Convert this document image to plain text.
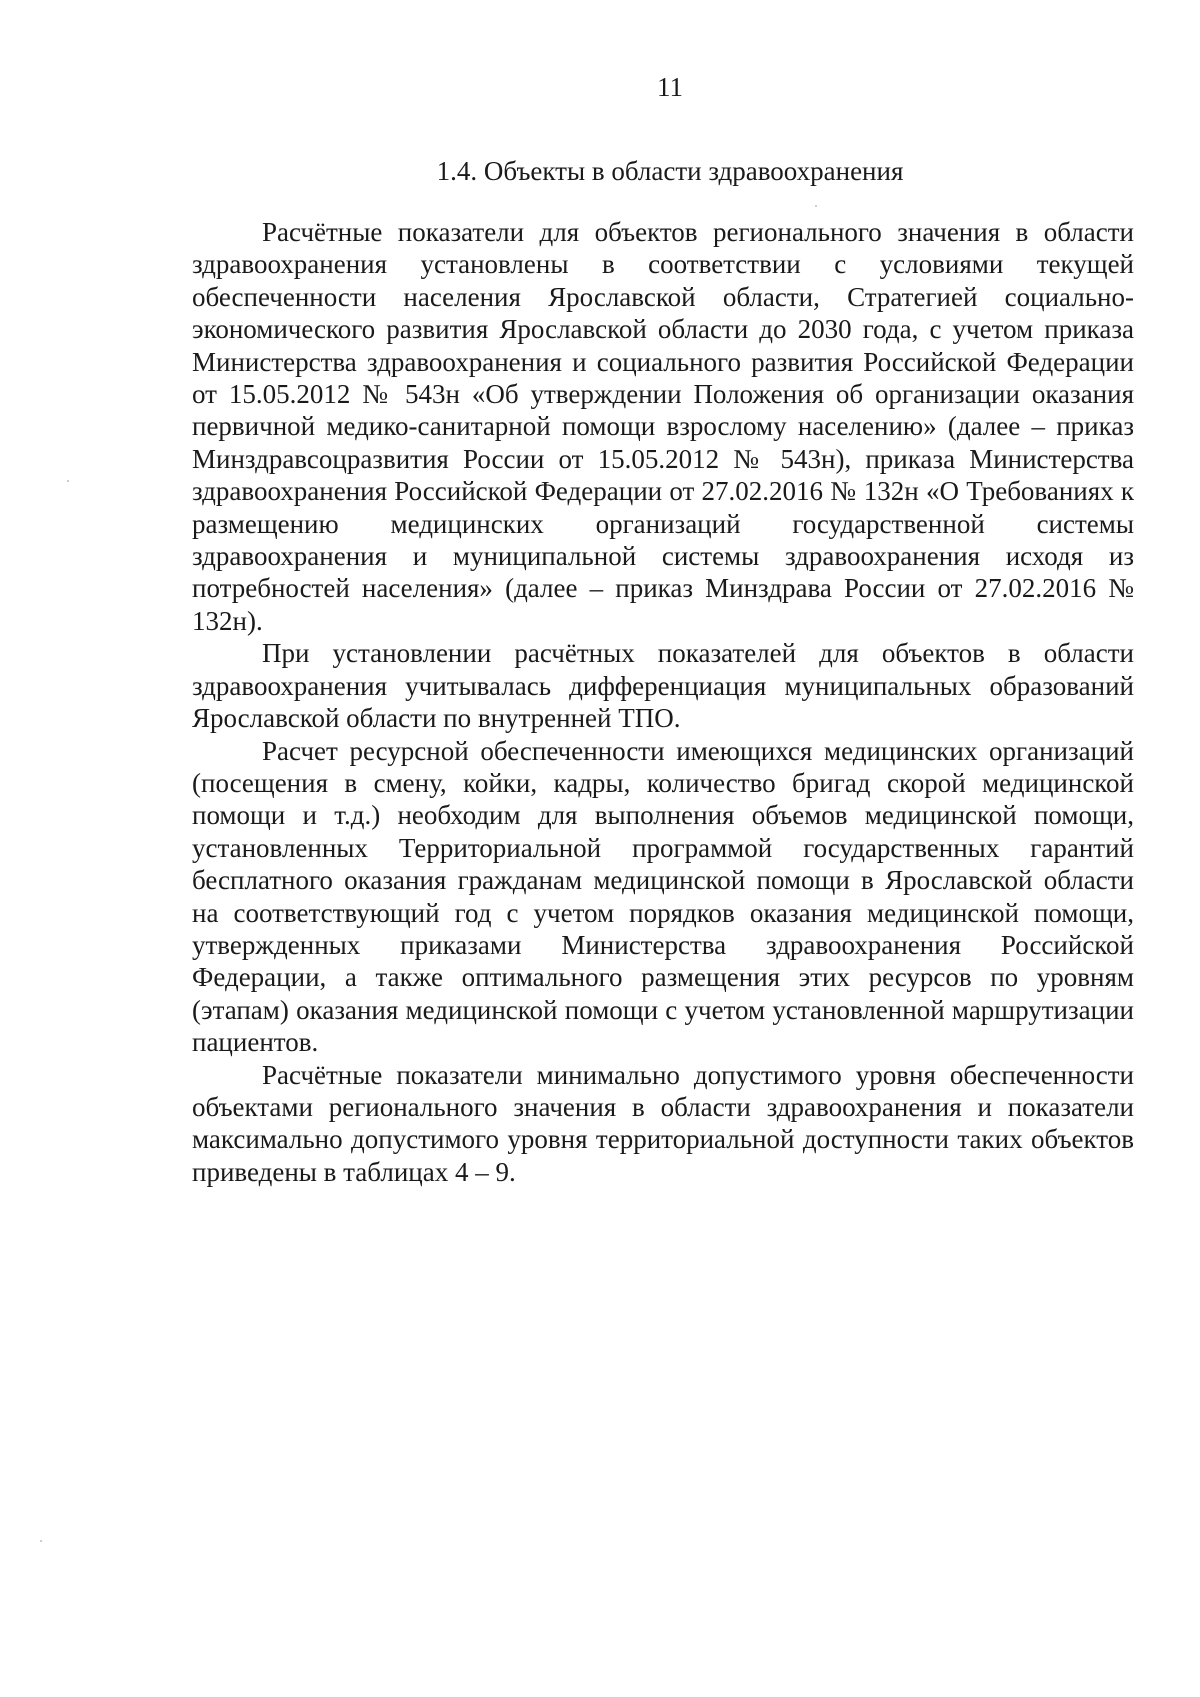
11
1.4. Объекты в области здравоохранения

Расчётные показатели для объектов регионального значения в области здравоохранения установлены в соответствии с условиями текущей обеспеченности населения Ярославской области, Стратегией социально-экономического развития Ярославской области до 2030 года, с учетом приказа Министерства здравоохранения и социального развития Российской Федерации от 15.05.2012 № 543н «Об утверждении Положения об организации оказания первичной медико-санитарной помощи взрослому населению» (далее – приказ Минздравсоцразвития России от 15.05.2012 № 543н), приказа Министерства здравоохранения Российской Федерации от 27.02.2016 № 132н «О Требованиях к размещению медицинских организаций государственной системы здравоохранения и муниципальной системы здравоохранения исходя из потребностей населения» (далее – приказ Минздрава России от 27.02.2016 № 132н).

При установлении расчётных показателей для объектов в области здравоохранения учитывалась дифференциация муниципальных образований Ярославской области по внутренней ТПО.

Расчет ресурсной обеспеченности имеющихся медицинских организаций (посещения в смену, койки, кадры, количество бригад скорой медицинской помощи и т.д.) необходим для выполнения объемов медицинской помощи, установленных Территориальной программой государственных гарантий бесплатного оказания гражданам медицинской помощи в Ярославской области на соответствующий год с учетом порядков оказания медицинской помощи, утвержденных приказами Министерства здравоохранения Российской Федерации, а также оптимального размещения этих ресурсов по уровням (этапам) оказания медицинской помощи с учетом установленной маршрутизации пациентов.

Расчётные показатели минимально допустимого уровня обеспеченности объектами регионального значения в области здравоохранения и показатели максимально допустимого уровня территориальной доступности таких объектов приведены в таблицах 4 – 9.
